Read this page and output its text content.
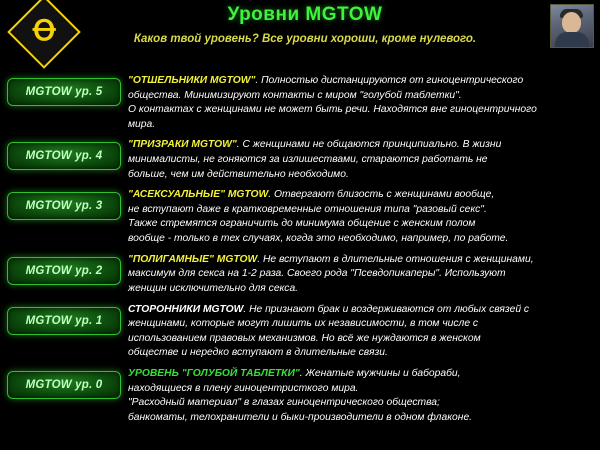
Ꝋ
Уровни MGTOW
Каков твой уровень? Все уровни хороши, кроме нулевого.
MGTOW ур. 5
"ОТШЕЛЬНИКИ MGTOW". Полностью дистанцируются от гиноцентрического
общества. Минимизируют контакты с миром "голубой таблетки".
О контактах с женщинами не может быть речи. Находятся вне гиноцентричного
мира.
MGTOW ур. 4
"ПРИЗРАКИ MGTOW". С женщинами не общаются принципиально. В жизни
минималисты, не гоняются за излишествами, стараются работать не
больше, чем им действительно необходимо.
MGTOW ур. 3
"АСЕКСУАЛЬНЫЕ" MGTOW. Отвергают близость с женщинами вообще,
не вступают даже в кратковременные отношения типа "разовый секс".
Также стремятся ограничить до минимума общение с женским полом
вообще - только в тех случаях, когда это необходимо, например, по работе.
MGTOW ур. 2
"ПОЛИГАМНЫЕ" MGTOW. Не вступают в длительные отношения с женщинами,
максимум для секса на 1-2 раза. Своего рода "Псевдопикаперы". Используют
женщин исключительно для секса.
MGTOW ур. 1
СТОРОННИКИ MGTOW. Не признают брак и воздерживаются от любых связей с
женщинами, которые могут лишить их независимости, в том числе с
использованием правовых механизмов. Но всё же нуждаются в женском
обществе и нередко вступают в длительные связи.
MGTOW ур. 0
УРОВЕНЬ "ГОЛУБОЙ ТАБЛЕТКИ". Женатые мужчины и бабораби,
находящиеся в плену гиноцентристкого мира.
"Расходный материал" в глазах гиноцентрического общества;
банкоматы, телохранители и быки-производители в одном флаконе.
